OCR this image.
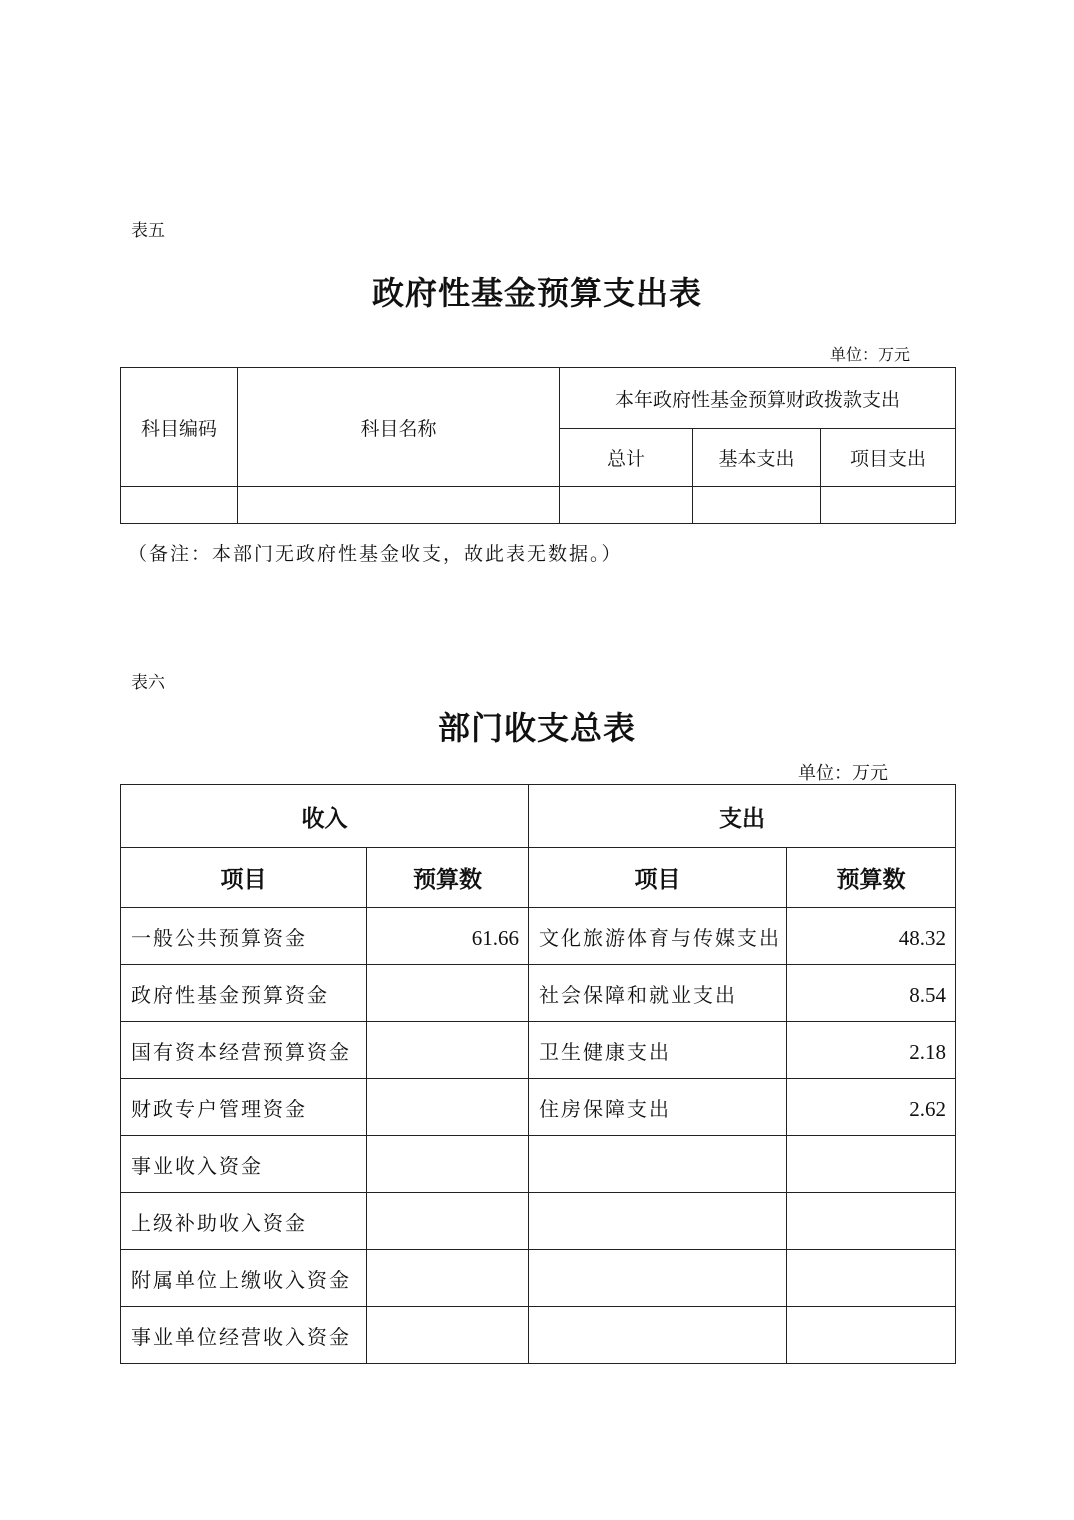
表五
政府性基金预算支出表
单位：万元
科目编码	科目名称	本年政府性基金预算财政拨款支出		
		总计	基本支出	项目支出

（备注：本部门无政府性基金收支，故此表无数据。）
表六
部门收支总表
单位：万元
收入		支出	
项目	预算数	项目	预算数
一般公共预算资金	61.66	文化旅游体育与传媒支出	48.32
政府性基金预算资金		社会保障和就业支出	8.54
国有资本经营预算资金		卫生健康支出	2.18
财政专户管理资金		住房保障支出	2.62
事业收入资金			
上级补助收入资金			
附属单位上缴收入资金			
事业单位经营收入资金			
